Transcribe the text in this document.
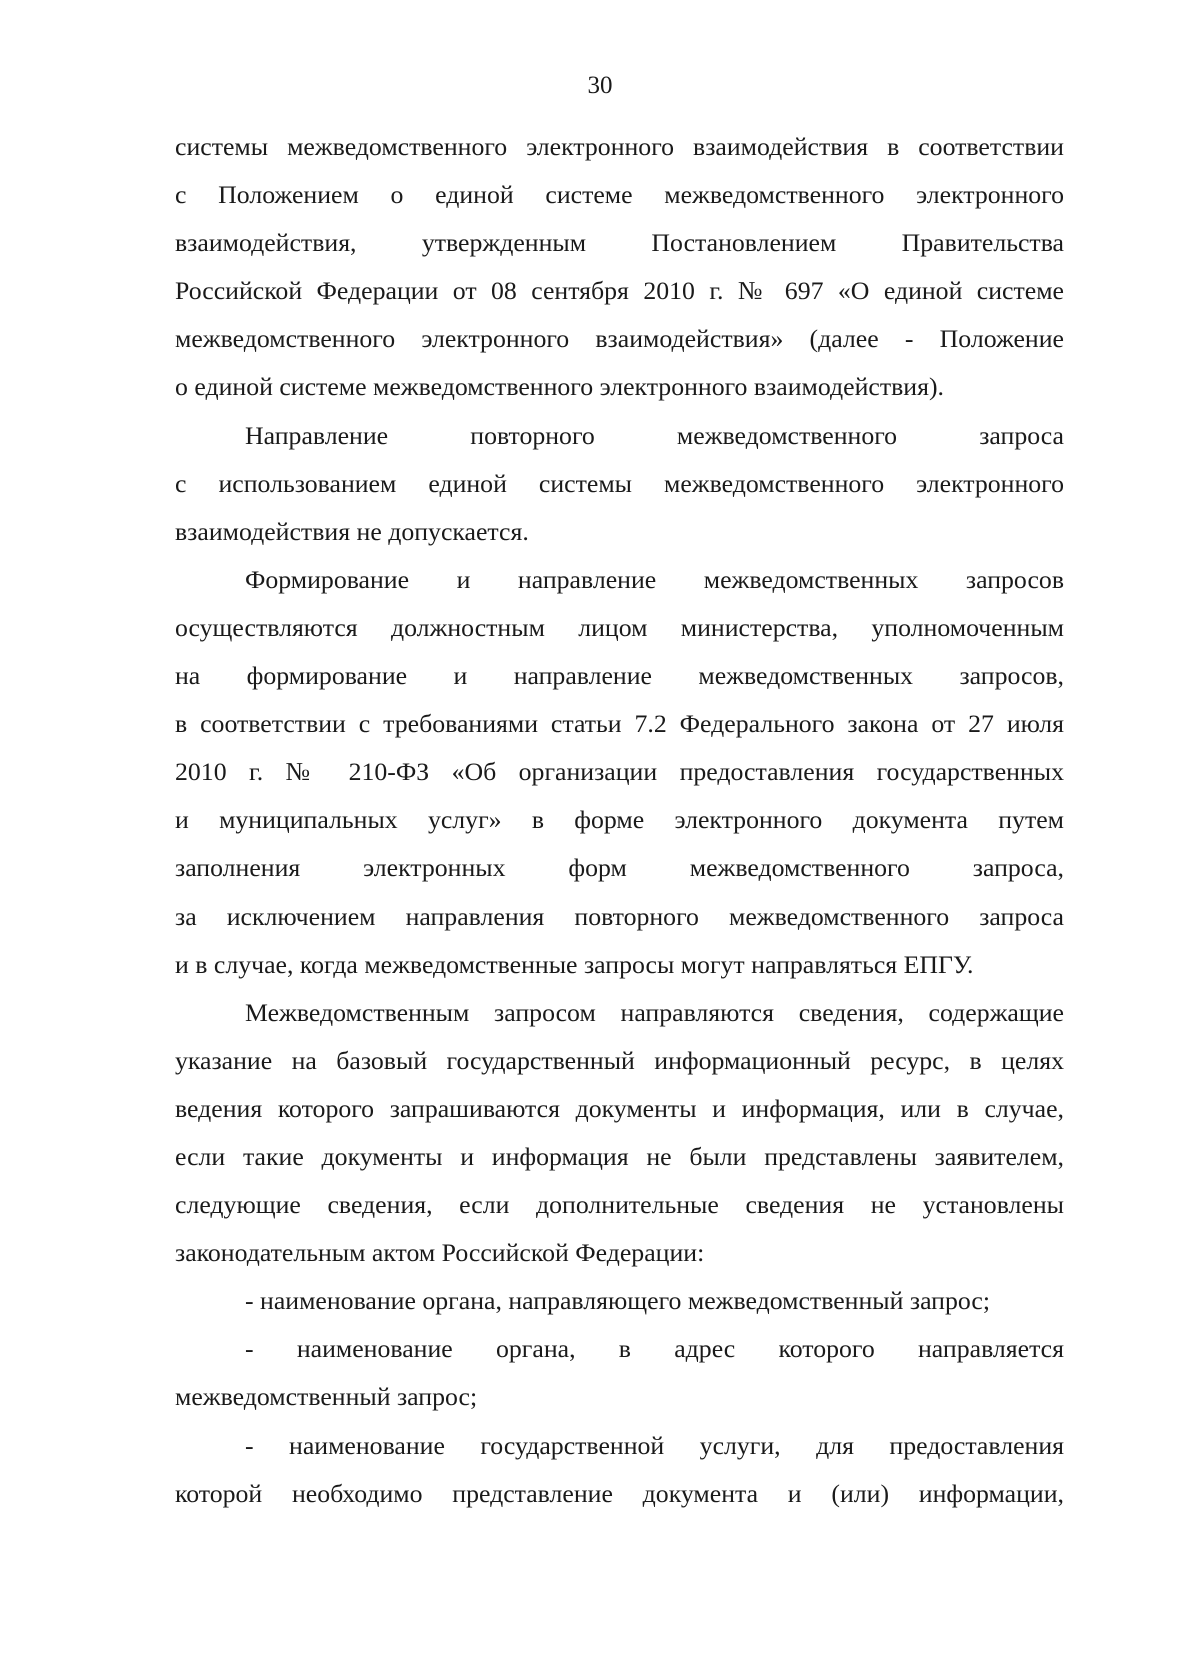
30
системы межведомственного электронного взаимодействия в соответствии
с Положением о единой системе межведомственного электронного
взаимодействия, утвержденным Постановлением Правительства
Российской Федерации от 08 сентября 2010 г. № 697 «О единой системе
межведомственного электронного взаимодействия» (далее - Положение
о единой системе межведомственного электронного взаимодействия).
Направление повторного межведомственного запроса
с использованием единой системы межведомственного электронного
взаимодействия не допускается.
Формирование и направление межведомственных запросов
осуществляются должностным лицом министерства, уполномоченным
на формирование и направление межведомственных запросов,
в соответствии с требованиями статьи 7.2 Федерального закона от 27 июля
2010 г. № 210-ФЗ «Об организации предоставления государственных
и муниципальных услуг» в форме электронного документа путем
заполнения электронных форм межведомственного запроса,
за исключением направления повторного межведомственного запроса
и в случае, когда межведомственные запросы могут направляться ЕПГУ.
Межведомственным запросом направляются сведения, содержащие
указание на базовый государственный информационный ресурс, в целях
ведения которого запрашиваются документы и информация, или в случае,
если такие документы и информация не были представлены заявителем,
следующие сведения, если дополнительные сведения не установлены
законодательным актом Российской Федерации:
- наименование органа, направляющего межведомственный запрос;
- наименование органа, в адрес которого направляется
межведомственный запрос;
- наименование государственной услуги, для предоставления
которой необходимо представление документа и (или) информации,
